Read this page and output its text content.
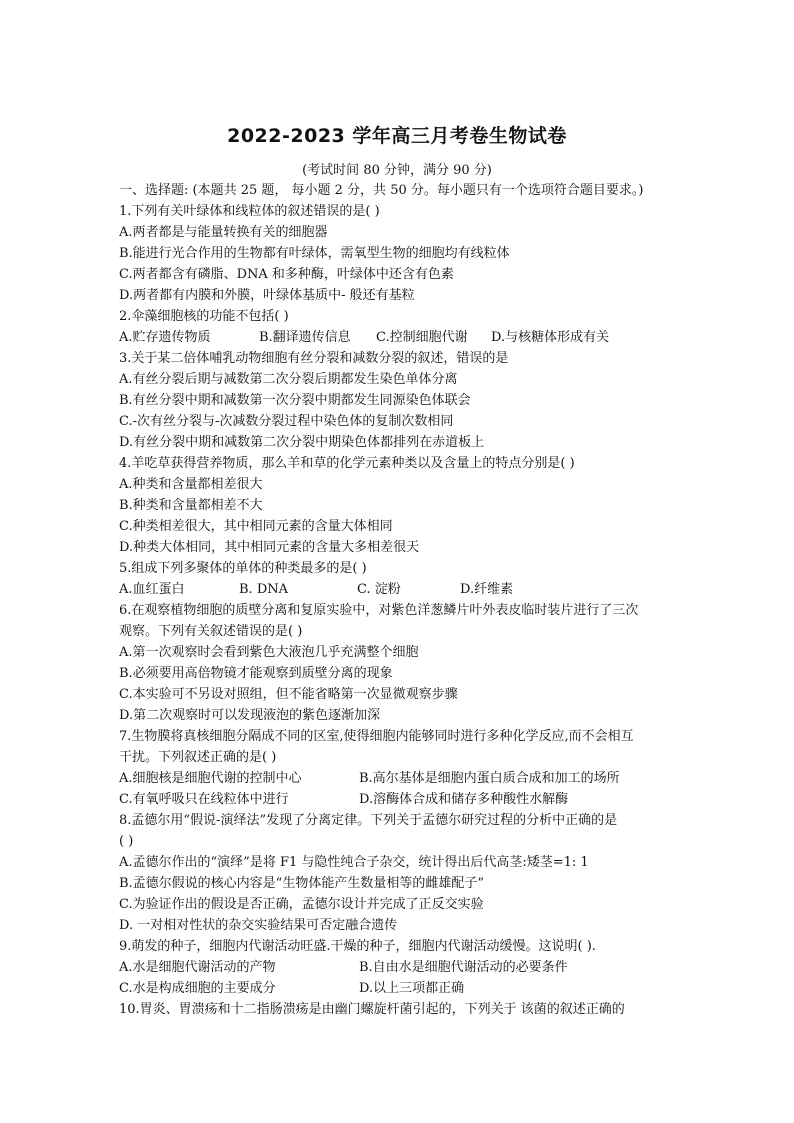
2022-2023 学年高三月考卷生物试卷
(考试时间 80 分钟，满分 90 分)
一、选择题: (本题共 25 题， 每小题 2 分，共 50 分。每小题只有一个选项符合题目要求。)
1.下列有关叶绿体和线粒体的叙述错误的是( )
A.两者都是与能量转换有关的细胞器
B.能进行光合作用的生物都有叶绿体，需氧型生物的细胞均有线粒体
C.两者都含有磷脂、DNA 和多种酶，叶绿体中还含有色素
D.两者都有内膜和外膜，叶绿体基质中- 般还有基粒
2.伞藻细胞核的功能不包括( )
A.贮存遗传物质	B.翻译遗传信息	C.控制细胞代谢	D.与核糖体形成有关
3.关于某二倍体哺乳动物细胞有丝分裂和减数分裂的叙述，错误的是
A.有丝分裂后期与减数第二次分裂后期都发生染色单体分离
B.有丝分裂中期和减数第一次分裂中期都发生同源染色体联会
C.-次有丝分裂与-次减数分裂过程中染色体的复制次数相同
D.有丝分裂中期和减数第二次分裂中期染色体都排列在赤道板上
4.羊吃草获得营养物质，那么羊和草的化学元素种类以及含量上的特点分别是( )
A.种类和含量都相差很大
B.种类和含量都相差不大
C.种类相差很大，其中相同元素的含量大体相同
D.种类大体相同，其中相同元素的含量大多相差很天
5.组成下列多聚体的单体的种类最多的是( )
A.血红蛋白	B. DNA	C. 淀粉	D.纤维素
6.在观察植物细胞的质壁分离和复原实验中，对紫色洋葱鳞片叶外表皮临时装片进行了三次
观察。下列有关叙述错误的是( )
A.第一次观察时会看到紫色大液泡几乎充满整个细胞
B.必须要用高倍物镜才能观察到质壁分离的现象
C.本实验可不另设对照组，但不能省略第一次显微观察步骤
D.第二次观察时可以发现液泡的紫色逐渐加深
7.生物膜将真核细胞分隔成不同的区室,使得细胞内能够同时进行多种化学反应,而不会相互
干扰。下列叙述正确的是( )
A.细胞核是细胞代谢的控制中心	B.高尔基体是细胞内蛋白质合成和加工的场所
C.有氧呼吸只在线粒体中进行	D.溶酶体合成和储存多种酸性水解酶
8.孟德尔用“假说-演绎法”发现了分离定律。下列关于孟德尔研究过程的分析中正确的是
( )
A.孟德尔作出的“演绎”是将 F1 与隐性纯合子杂交，统计得出后代高茎:矮茎=1: 1
B.孟德尔假说的核心内容是“生物体能产生数量相等的雌雄配子”
C.为验证作出的假设是否正确，孟德尔设计并完成了正反交实验
D. 一对相对性状的杂交实验结果可否定融合遗传
9.萌发的种子，细胞内代谢活动旺盛.干燥的种子，细胞内代谢活动缓慢。这说明( ).
A.水是细胞代谢活动的产物	B.自由水是细胞代谢活动的必要条件
C.水是构成细胞的主要成分	D.以上三项都正确
10.胃炎、胃溃疡和十二指肠溃疡是由幽门螺旋杆菌引起的，下列关于 该菌的叙述正确的
